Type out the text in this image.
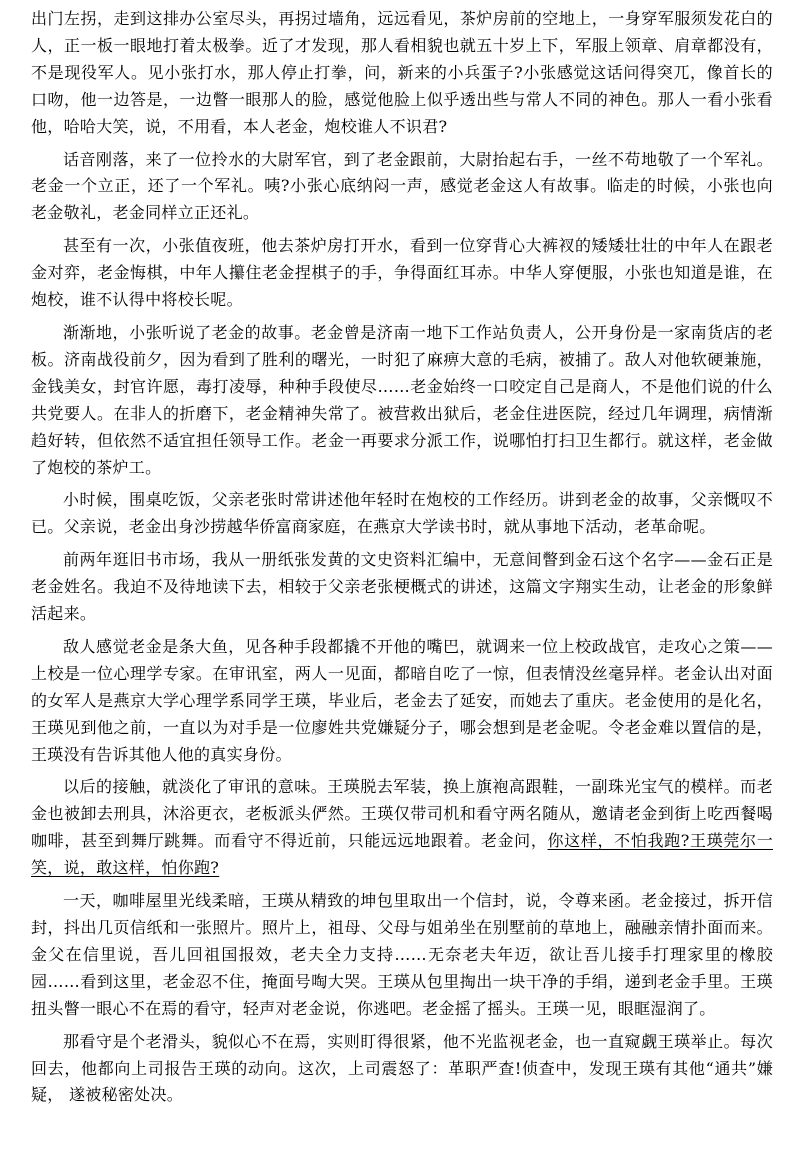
出门左拐，走到这排办公室尽头，再拐过墙角，远远看见，茶炉房前的空地上，一身穿军服须发花白的人，正一板一眼地打着太极拳。近了才发现，那人看相貌也就五十岁上下，军服上领章、肩章都没有，不是现役军人。见小张打水，那人停止打拳，问，新来的小兵蛋子?小张感觉这话问得突兀，像首长的口吻，他一边答是，一边瞥一眼那人的脸，感觉他脸上似乎透出些与常人不同的神色。那人一看小张看他，哈哈大笑，说，不用看，本人老金，炮校谁人不识君?

话音刚落，来了一位拎水的大尉军官，到了老金跟前，大尉抬起右手，一丝不苟地敬了一个军礼。老金一个立正，还了一个军礼。咦?小张心底纳闷一声，感觉老金这人有故事。临走的时候，小张也向老金敬礼，老金同样立正还礼。

甚至有一次，小张值夜班，他去茶炉房打开水，看到一位穿背心大裤衩的矮矮壮壮的中年人在跟老金对弈，老金悔棋，中年人攥住老金捏棋子的手，争得面红耳赤。中华人穿便服，小张也知道是谁，在炮校，谁不认得中将校长呢。

渐渐地，小张听说了老金的故事。老金曾是济南一地下工作站负责人，公开身份是一家南货店的老板。济南战役前夕，因为看到了胜利的曙光，一时犯了麻痹大意的毛病，被捕了。敌人对他软硬兼施，金钱美女，封官许愿，毒打凌辱，种种手段使尽……老金始终一口咬定自己是商人，不是他们说的什么共党要人。在非人的折磨下，老金精神失常了。被营救出狱后，老金住进医院，经过几年调理，病情渐趋好转，但依然不适宜担任领导工作。老金一再要求分派工作，说哪怕打扫卫生都行。就这样，老金做了炮校的茶炉工。

小时候，围桌吃饭，父亲老张时常讲述他年轻时在炮校的工作经历。讲到老金的故事，父亲慨叹不已。父亲说，老金出身沙捞越华侨富商家庭，在燕京大学读书时，就从事地下活动，老革命呢。

前两年逛旧书市场，我从一册纸张发黄的文史资料汇编中，无意间瞥到金石这个名字——金石正是老金姓名。我迫不及待地读下去，相较于父亲老张梗概式的讲述，这篇文字翔实生动，让老金的形象鲜活起来。

敌人感觉老金是条大鱼，见各种手段都撬不开他的嘴巴，就调来一位上校政战官，走攻心之策——上校是一位心理学专家。在审讯室，两人一见面，都暗自吃了一惊，但表情没丝毫异样。老金认出对面的女军人是燕京大学心理学系同学王瑛，毕业后，老金去了延安，而她去了重庆。老金使用的是化名，王瑛见到他之前，一直以为对手是一位廖姓共党嫌疑分子，哪会想到是老金呢。令老金难以置信的是，王瑛没有告诉其他人他的真实身份。

以后的接触，就淡化了审讯的意味。王瑛脱去军装，换上旗袍高跟鞋，一副珠光宝气的模样。而老金也被卸去刑具，沐浴更衣，老板派头俨然。王瑛仅带司机和看守两名随从，邀请老金到街上吃西餐喝咖啡，甚至到舞厅跳舞。而看守不得近前，只能远远地跟着。老金问，你这样，不怕我跑?王瑛莞尔一笑，说，敢这样，怕你跑?

一天，咖啡屋里光线柔暗，王瑛从精致的坤包里取出一个信封，说，令尊来函。老金接过，拆开信封，抖出几页信纸和一张照片。照片上，祖母、父母与姐弟坐在别墅前的草地上，融融亲情扑面而来。金父在信里说，吾儿回祖国报效，老夫全力支持……无奈老夫年迈，欲让吾儿接手打理家里的橡胶园……看到这里，老金忍不住，掩面号啕大哭。王瑛从包里掏出一块干净的手绢，递到老金手里。王瑛扭头瞥一眼心不在焉的看守，轻声对老金说，你逃吧。老金摇了摇头。王瑛一见，眼眶湿润了。

那看守是个老滑头，貌似心不在焉，实则盯得很紧，他不光监视老金，也一直窥觑王瑛举止。每次回去，他都向上司报告王瑛的动向。这次，上司震怒了：革职严查!侦查中，发现王瑛有其他“通共”嫌疑， 遂被秘密处决。
